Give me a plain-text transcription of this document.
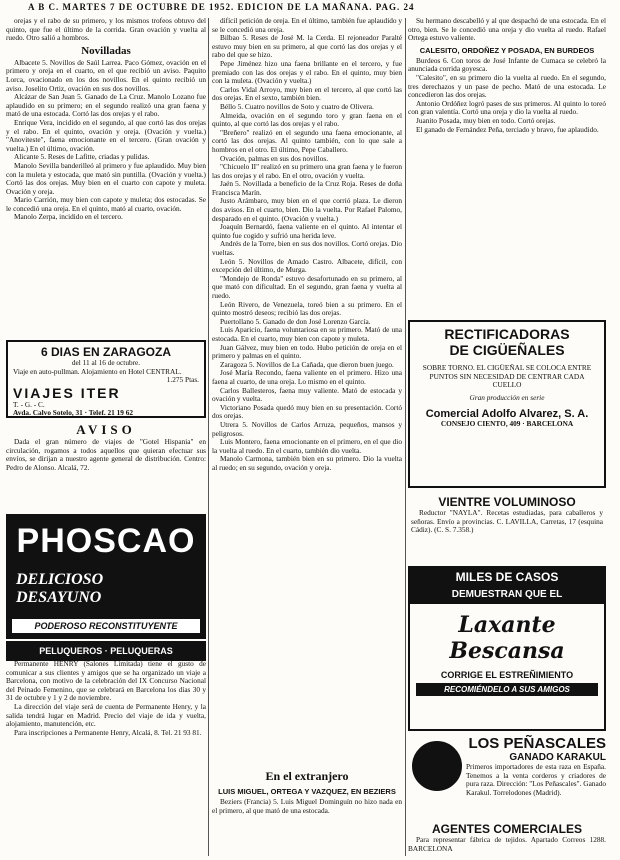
A B C. MARTES 7 DE OCTUBRE DE 1952. EDICION DE LA MAÑANA. PAG. 24

orejas y el rabo de su primero, y los mismos trofeos obtuvo del quinto, que fue el último de la corrida. Gran ovación y vuelta al ruedo. Otro salió a hombros.

Novilladas

Albacete 5. Novillos de Saúl Larrea. Paco Gómez, ovación en el primero y oreja en el cuarto, en el que recibió un aviso. Paquito Lorca, ovacionado en los dos novillos. En el quinto recibió un aviso. Joselito Ortiz, ovación en sus dos novillos.

Alcázar de San Juan 5. Ganado de La Cruz. Manolo Lozano fue aplaudido en su primero; en el segundo realizó una gran faena y mató de una estocada. Cortó las dos orejas y el rabo.

Enrique Vera, incidido en el segundo, al que cortó las dos orejas y el rabo. En el quinto, ovación y oreja. (Ovación y vuelta.) "Anoviteste", faena emocionante en el tercero. (Gran ovación y vuelta.) En el último, ovación.

Alicante 5. Reses de Lafitte, criadas y pulidas.

Manolo Sevilla banderilleó al primero y fue aplaudido. Muy bien con la muleta y estocada, que mató sin puntilla. (Ovación y vuelta.) Cortó las dos orejas. Muy bien en el cuarto con capote y muleta. Ovación y oreja.

Mario Carrión, muy bien con capote y muleta; dos estocadas. Se le concedió una oreja. En el quinto, mató al cuarto, ovación.

Manolo Zerpa, incidido en el tercero.

6 DIAS EN ZARAGOZA
del 11 al 16 de octubre.
Viaje en auto-pullman. Alojamiento en Hotel CENTRAL.
1.275 Ptas.
VIAJES ITER
T. - G. - C.
Avda. Calvo Sotelo, 31 · Telef. 21 19 62
AVISO

Dada el gran número de viajes de "Gotel Hispania" en circulación, rogamos a todos aquellos que quieran efectuar sus envíos, se dirijan a nuestro agente general de distribución. Centro: Pedro de Alonso. Alcalá, 72.

PHOSCAO
DELICIOSO
DESAYUNO
PODEROSO RECONSTITUYENTE
PELUQUEROS · PELUQUERAS

Permanente HENRY (Salones Limitada) tiene el gusto de comunicar a sus clientes y amigos que se ha organizado un viaje a Barcelona, con motivo de la celebración del IX Concurso Nacional del Peinado Femenino, que se celebrará en Barcelona los días 30 y 31 de octubre y 1 y 2 de noviembre.

La dirección del viaje será de cuenta de Permanente Henry, y la salida tendrá lugar en Madrid. Precio del viaje de ida y vuelta, alojamiento, manutención, etc.

Para inscripciones a Permanente Henry, Alcalá, 8. Tel. 21 93 81.

difícil petición de oreja. En el último, también fue aplaudido y se le concedió una oreja.

Bilbao 5. Reses de José M. la Cerda. El rejoneador Paralté estuvo muy bien en su primero, al que cortó las dos orejas y el rabo del que se hizo.

Pepe Jiménez hizo una faena brillante en el tercero, y fue premiado con las dos orejas y el rabo. En el quinto, muy bien con la muleta. (Ovación y vuelta.)

Carlos Vidal Arroyo, muy bien en el tercero, al que cortó las dos orejas. En el sexto, también bien.

Béllo 5. Cuatro novillos de Soto y cuatro de Olivera.

Almeida, ovación en el segundo toro y gran faena en el quinto, al que cortó las dos orejas y el rabo.

"Breñero" realizó en el segundo una faena emocionante, al cortó las dos orejas. Al quinto también, con lo que sale a hombros en el otro. El último, Pepe Caballero.

Ovación, palmas en sus dos novillos.

"Chicuelo II" realizó en su primero una gran faena y le fueron las dos orejas y el rabo. En el otro, ovación y vuelta.

Jaén 5. Novillada a beneficio de la Cruz Roja. Reses de doña Francisca Marín.

Justo Arámbaro, muy bien en el que corrió plaza. Le dieron dos avisos. En el cuarto, bien. Dio la vuelta. Por Rafael Palomo, desparado en el quinto. (Ovación y vuelta.)

Joaquín Bernardó, faena valiente en el quinto. Al intentar el quinto fue cogido y sufrió una herida leve.

Andrés de la Torre, bien en sus dos novillos. Cortó orejas. Dio vueltas.

León 5. Novillos de Amado Castro. Albacete, difícil, con excepción del último, de Murga.

"Mondejo de Ronda" estuvo desafortunado en su primero, al que mató con dificultad. En el segundo, gran faena y vuelta al ruedo.

León Rivero, de Venezuela, toreó bien a su primero. En el quinto mostró deseos; recibió las dos orejas.

Puertollano 5. Ganado de don José Lorenzo García.

Luis Aparicio, faena voluntariosa en su primero. Mató de una estocada. En el cuarto, muy bien con capote y muleta.

Juan Gálvez, muy bien en todo. Hubo petición de oreja en el primero y palmas en el quinto.

Zaragoza 5. Novillos de La Cañada, que dieron buen juego.

José María Recondo, faena valiente en el primero. Hizo una faena al cuarto, de una oreja. Lo mismo en el quinto.

Carlos Ballesteros, faena muy valiente. Mató de estocada y ovación y vuelta.

Victoriano Posada quedó muy bien en su presentación. Cortó dos orejas.

Utrera 5. Novillos de Carlos Arruza, pequeños, mansos y peligrosos.

Luis Montero, faena emocionante en el primero, en el que dio la vuelta al ruedo. En el cuarto, también dio vuelta.

Manolo Carmona, también bien en su primero. Dio la vuelta al ruedo; en su segundo, ovación y oreja.

En el extranjero
LUIS MIGUEL, ORTEGA Y VAZQUEZ, EN BEZIERS

Beziers (Francia) 5. Luis Miguel Dominguín no hizo nada en el primero, al que mató de una estocada.

Su hermano descabelló y al que despachó de una estocada. En el otro, bien. Se le concedió una oreja y dio vuelta al ruedo. Rafael Ortega estuvo valiente.

CALESITO, ORDOÑEZ Y POSADA, EN BURDEOS

Burdeos 6. Con toros de José Infante de Cumaca se celebró la anunciada corrida goyesca.

"Calesito", en su primero dio la vuelta al ruedo. En el segundo, tres derechazos y un pase de pecho. Mató de una estocada. Le concedieron las dos orejas.

Antonio Ordóñez logró pases de sus primeros. Al quinto lo toreó con gran valentía. Cortó una oreja y dio la vuelta al ruedo.

Juanito Posada, muy bien en todo. Cortó orejas.

El ganado de Fernández Peña, terciado y bravo, fue aplaudido.

RECTIFICADORAS
DE CIGÜEÑALES
SOBRE TORNO. EL CIGÜEÑAL SE COLOCA ENTRE PUNTOS SIN NECESIDAD DE CENTRAR CADA CUELLO
Gran producción en serie
Comercial Adolfo Alvarez, S. A.
CONSEJO CIENTO, 409 · BARCELONA
VIENTRE VOLUMINOSO

Reductor "NAYLA". Recetas estudiadas, para caballeros y señoras. Envío a provincias. C. LAVILLA, Carretas, 17 (esquina Cádiz). (C. S. 7.358.)

MILES DE CASOS
DEMUESTRAN QUE EL
Laxante
Bescansa
CORRIGE EL ESTREÑIMIENTO
RECOMIÉNDELO A SUS AMIGOS
LOS PEÑASCALES
GANADO KARAKUL

Primeros importadores de esta raza en España. Tenemos a la venta corderos y criadores de pura raza. Dirección: "Los Peñascales". Ganado Karakul. Torrelodones (Madrid).

AGENTES COMERCIALES

Para representar fábrica de tejidos. Apartado Correos 1288. BARCELONA
